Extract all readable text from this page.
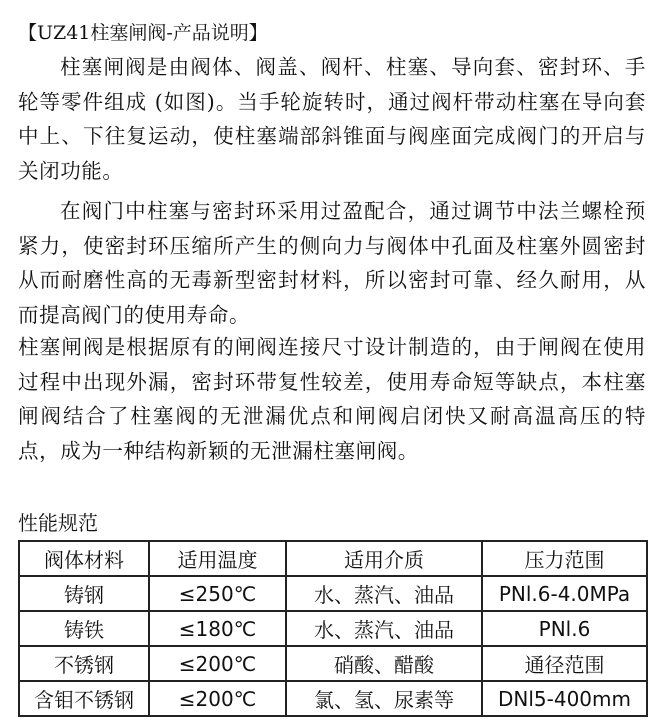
【UZ41柱塞闸阀-产品说明】

柱塞闸阀是由阀体、阀盖、阀杆、柱塞、导向套、密封环、手轮等零件组成 (如图)。当手轮旋转时，通过阀杆带动柱塞在导向套中上、下往复运动，使柱塞端部斜锥面与阀座面完成阀门的开启与关闭功能。

在阀门中柱塞与密封环采用过盈配合，通过调节中法兰螺栓预紧力，使密封环压缩所产生的侧向力与阀体中孔面及柱塞外圆密封从而耐磨性高的无毒新型密封材料，所以密封可靠、经久耐用，从而提高阀门的使用寿命。

柱塞闸阀是根据原有的闸阀连接尺寸设计制造的，由于闸阀在使用过程中出现外漏，密封环带复性较差，使用寿命短等缺点，本柱塞闸阀结合了柱塞阀的无泄漏优点和闸阀启闭快又耐高温高压的特点，成为一种结构新颖的无泄漏柱塞闸阀。

性能规范
阀体材料	适用温度	适用介质	压力范围
铸钢	≤250℃	水、蒸汽、油品	PNl.6-4.0MPa
铸铁	≤180℃	水、蒸汽、油品	PNl.6
不锈钢	≤200℃	硝酸、醋酸	通径范围
含钼不锈钢	≤200℃	氯、氢、尿素等	DNl5-400mm
